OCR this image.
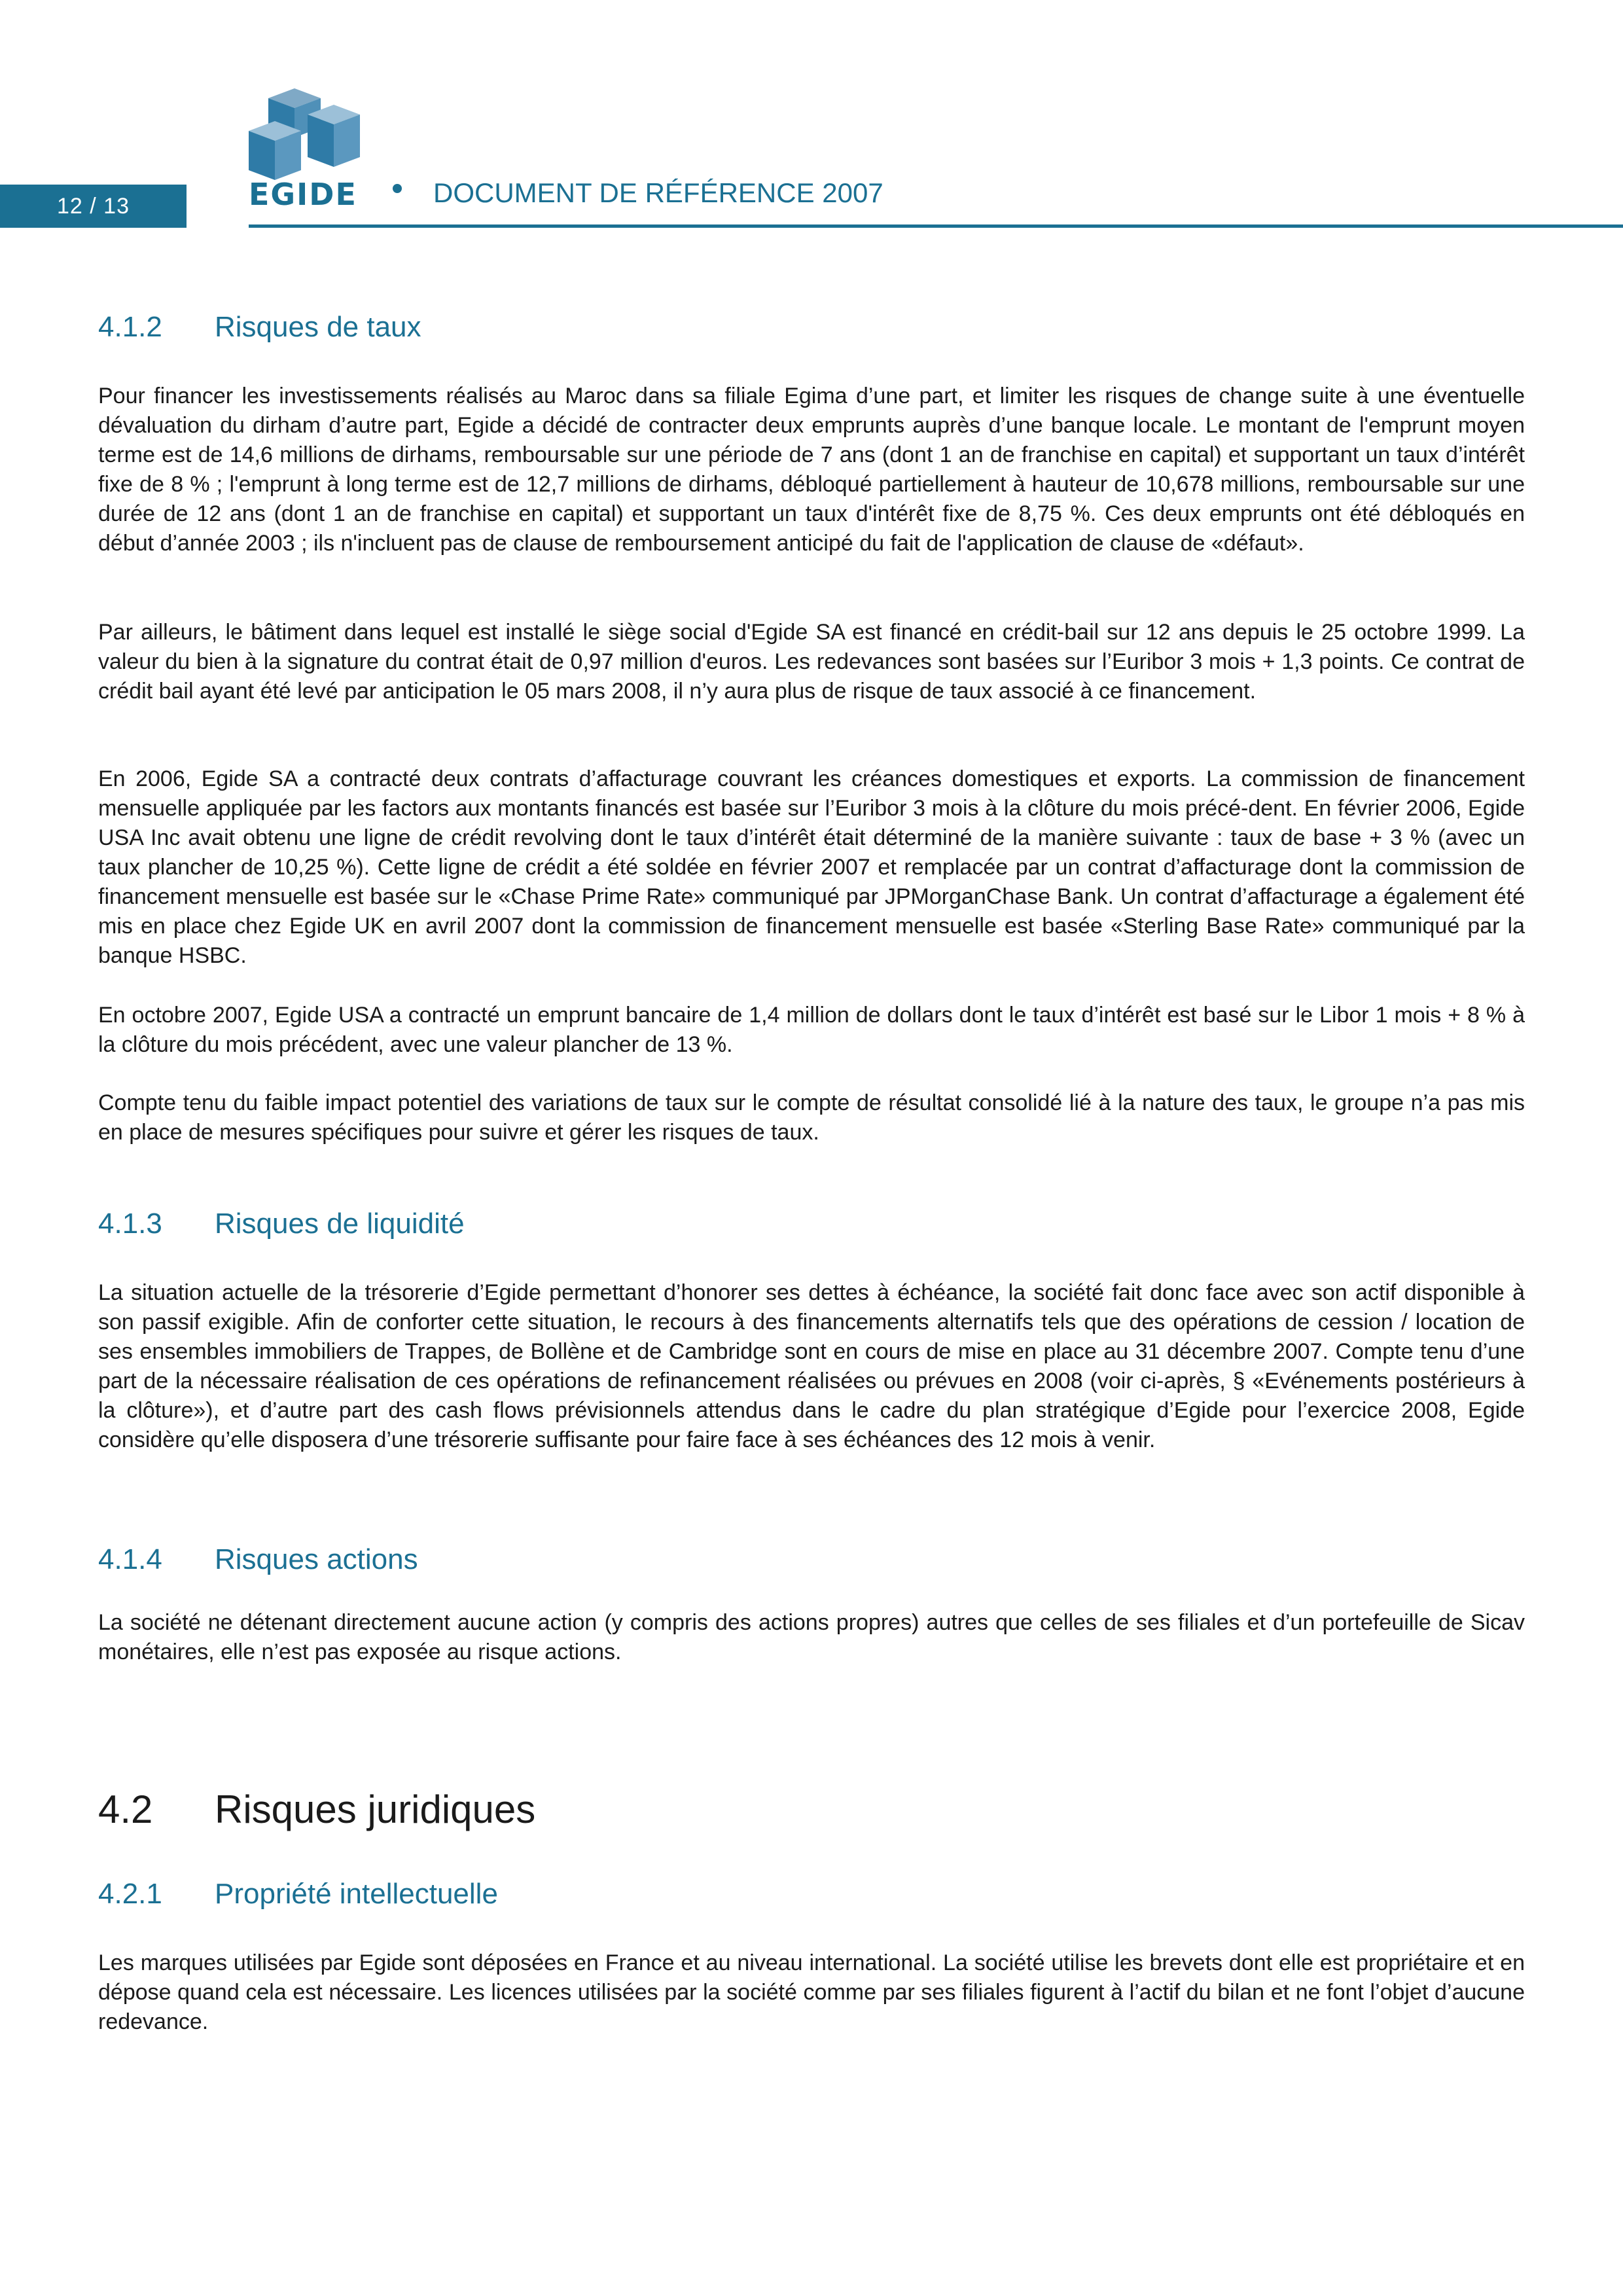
12 / 13	EGIDE	DOCUMENT DE RÉFÉRENCE 2007
4.1.2 Risques de taux

Pour financer les investissements réalisés au Maroc dans sa filiale Egima d’une part, et limiter les risques de change suite à une éventuelle dévaluation du dirham d’autre part, Egide a décidé de contracter deux emprunts auprès d’une banque locale. Le montant de l'emprunt moyen terme est de 14,6 millions de dirhams, remboursable sur une période de 7 ans (dont 1 an de franchise en capital) et supportant un taux d’intérêt fixe de 8 % ; l'emprunt à long terme est de 12,7 millions de dirhams, débloqué partiellement à hauteur de 10,678 millions, remboursable sur une durée de 12 ans (dont 1 an de franchise en capital) et supportant un taux d'intérêt fixe de 8,75 %. Ces deux emprunts ont été débloqués en début d’année 2003 ; ils n'incluent pas de clause de remboursement anticipé du fait de l'application de clause de «défaut».

Par ailleurs, le bâtiment dans lequel est installé le siège social d'Egide SA est financé en crédit-bail sur 12 ans depuis le 25 octobre 1999. La valeur du bien à la signature du contrat était de 0,97 million d'euros. Les redevances sont basées sur l’Euribor 3 mois + 1,3 points. Ce contrat de crédit bail ayant été levé par anticipation le 05 mars 2008, il n’y aura plus de risque de taux associé à ce financement.

En 2006, Egide SA a contracté deux contrats d’affacturage couvrant les créances domestiques et exports. La commission de financement mensuelle appliquée par les factors aux montants financés est basée sur l’Euribor 3 mois à la clôture du mois précé-dent. En février 2006, Egide USA Inc avait obtenu une ligne de crédit revolving dont le taux d’intérêt était déterminé de la manière suivante : taux de base + 3 % (avec un taux plancher de 10,25 %). Cette ligne de crédit a été soldée en février 2007 et remplacée par un contrat d’affacturage dont la commission de financement mensuelle est basée sur le «Chase Prime Rate» communiqué par JPMorganChase Bank. Un contrat d’affacturage a également été mis en place chez Egide UK en avril 2007 dont la commission de financement mensuelle est basée «Sterling Base Rate» communiqué par la banque HSBC.

En octobre 2007, Egide USA a contracté un emprunt bancaire de 1,4 million de dollars dont le taux d’intérêt est basé sur le Libor 1 mois + 8 % à la clôture du mois précédent, avec une valeur plancher de 13 %.

Compte tenu du faible impact potentiel des variations de taux sur le compte de résultat consolidé lié à la nature des taux, le groupe n’a pas mis en place de mesures spécifiques pour suivre et gérer les risques de taux.

4.1.3 Risques de liquidité

La situation actuelle de la trésorerie d’Egide permettant d’honorer ses dettes à échéance, la société fait donc face avec son actif disponible à son passif exigible. Afin de conforter cette situation, le recours à des financements alternatifs tels que des opérations de cession / location de ses ensembles immobiliers de Trappes, de Bollène et de Cambridge sont en cours de mise en place au 31 décembre 2007. Compte tenu d’une part de la nécessaire réalisation de ces opérations de refinancement réalisées ou prévues en 2008 (voir ci-après, § «Evénements postérieurs à la clôture»), et d’autre part des cash flows prévisionnels attendus dans le cadre du plan stratégique d’Egide pour l’exercice 2008, Egide considère qu’elle disposera d’une trésorerie suffisante pour faire face à ses échéances des 12 mois à venir.

4.1.4 Risques actions

La société ne détenant directement aucune action (y compris des actions propres) autres que celles de ses filiales et d’un portefeuille de Sicav monétaires, elle n’est pas exposée au risque actions.

4.2 Risques juridiques
4.2.1 Propriété intellectuelle

Les marques utilisées par Egide sont déposées en France et au niveau international. La société utilise les brevets dont elle est propriétaire et en dépose quand cela est nécessaire. Les licences utilisées par la société comme par ses filiales figurent à l’actif du bilan et ne font l’objet d’aucune redevance.
